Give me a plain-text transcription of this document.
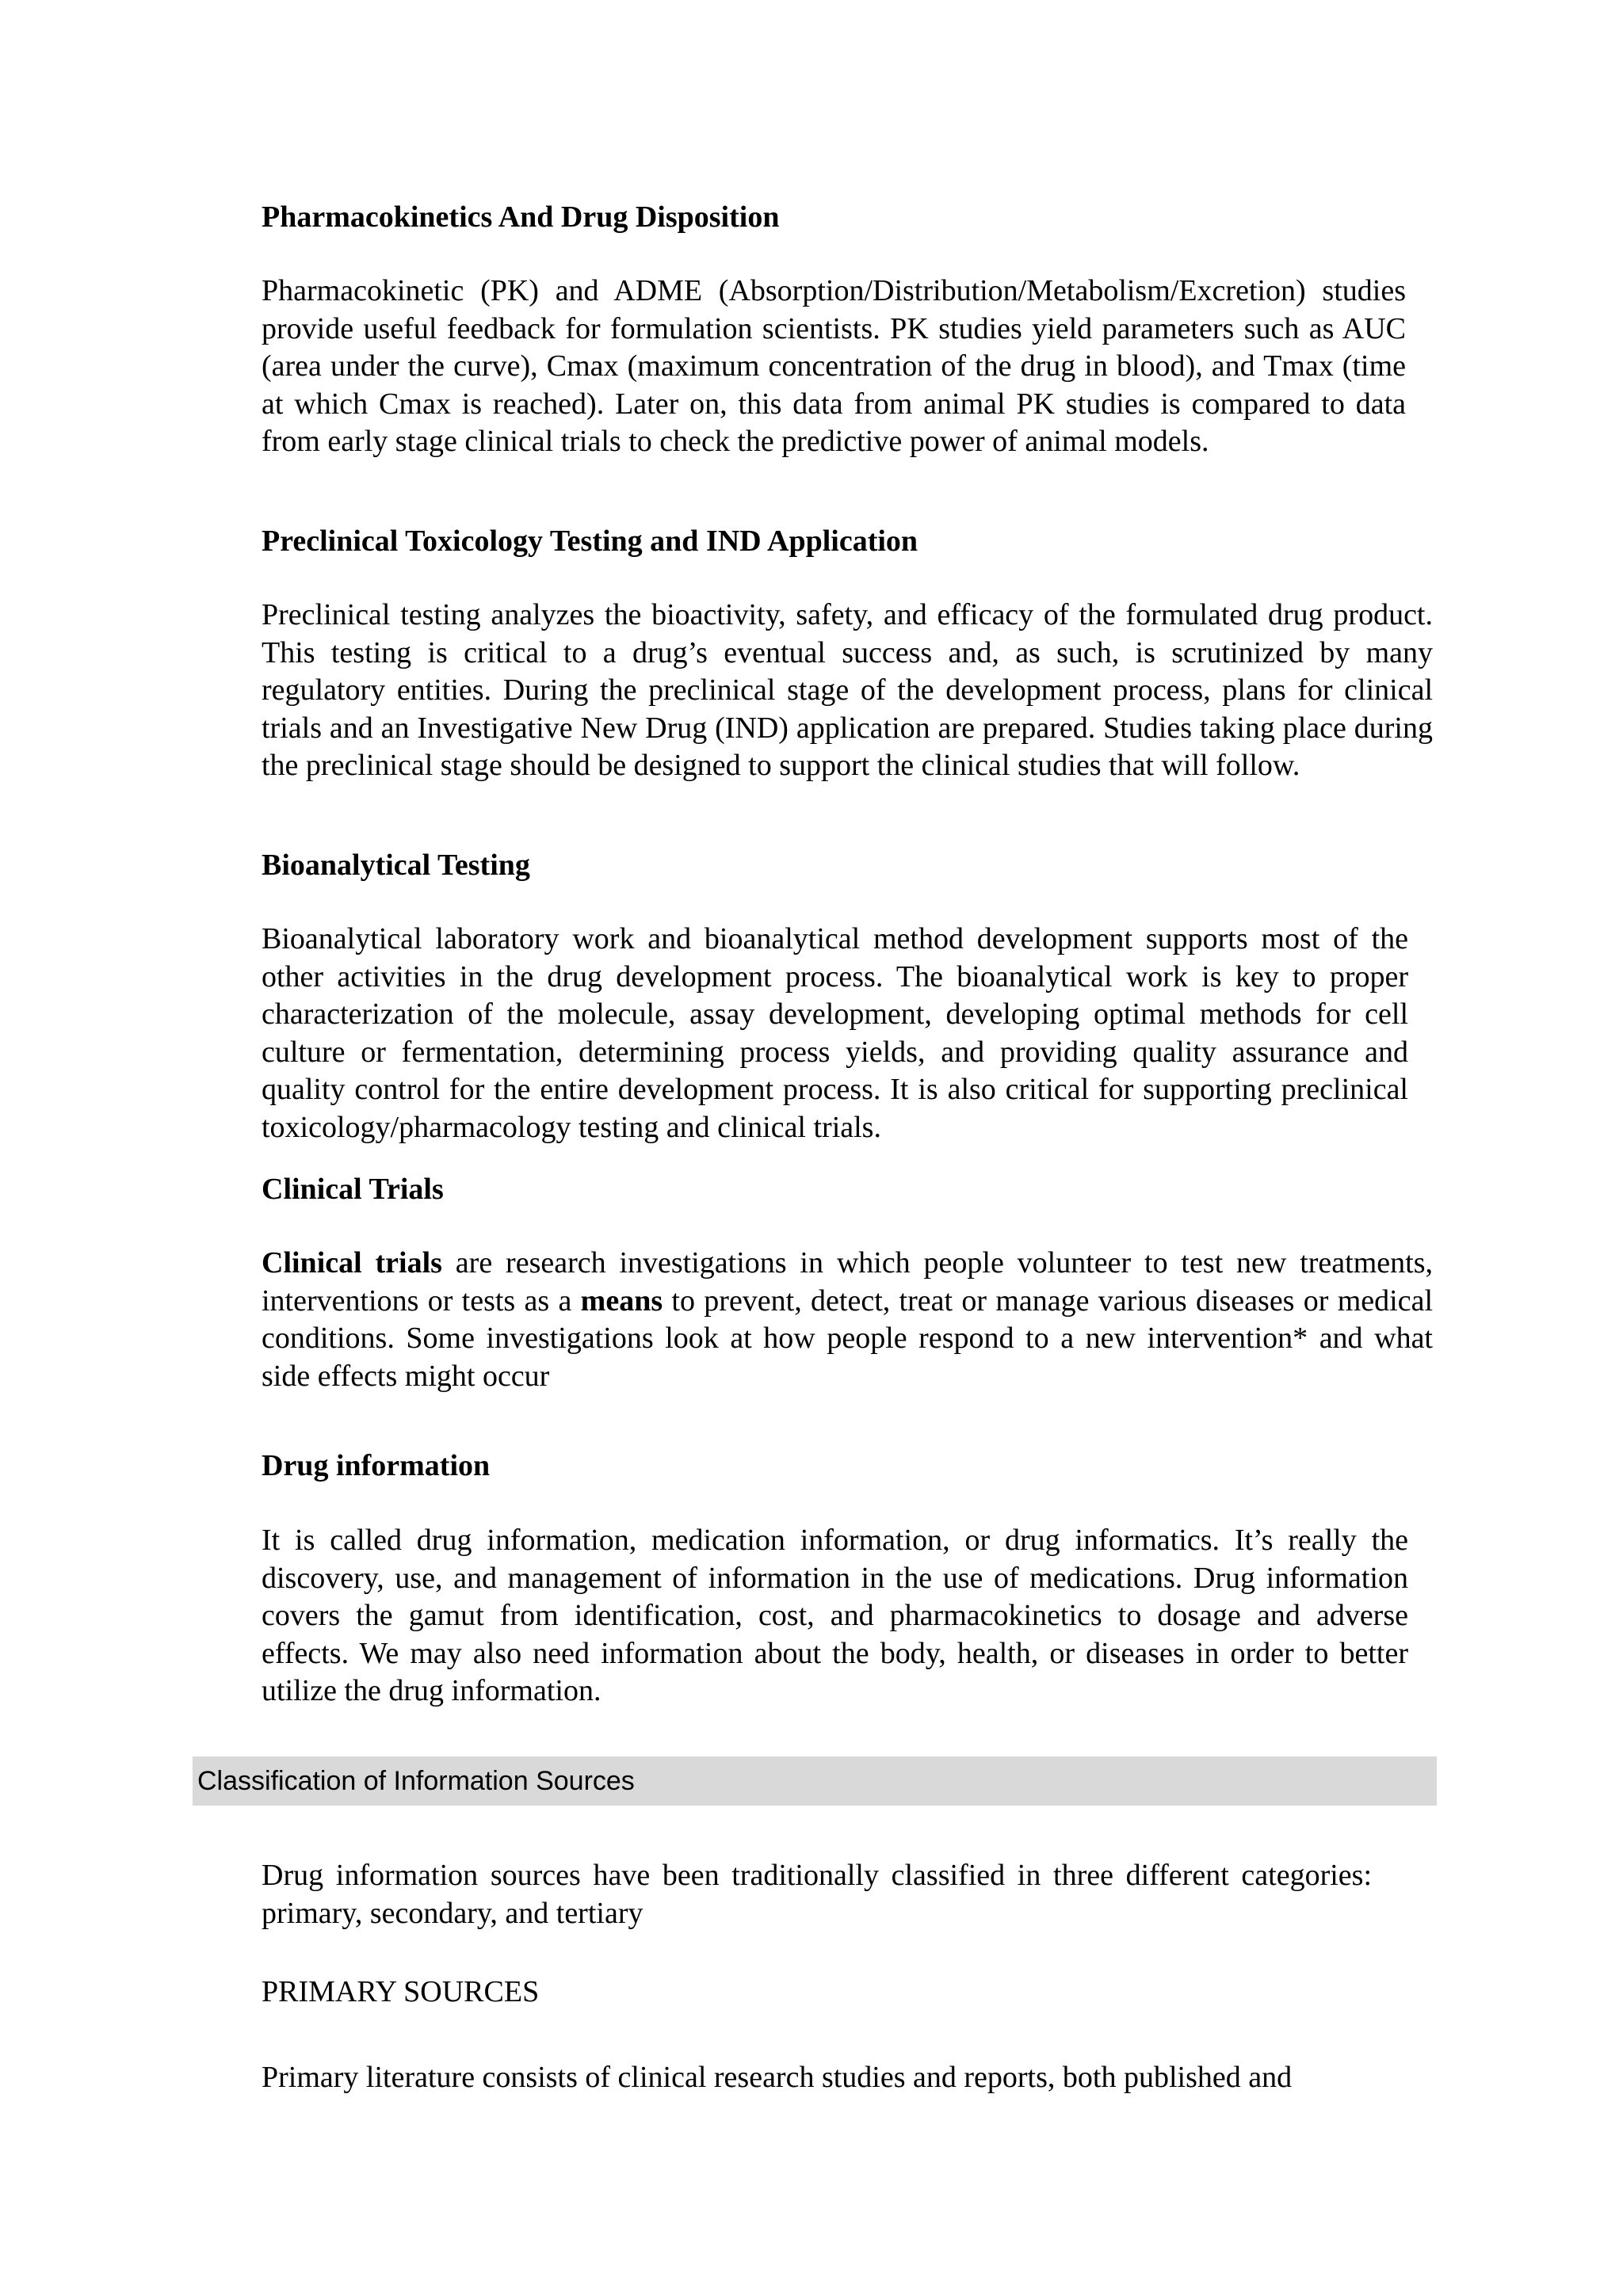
Pharmacokinetics And Drug Disposition

Pharmacokinetic (PK) and ADME (Absorption/Distribution/Metabolism/Excretion) studies provide useful feedback for formulation scientists. PK studies yield parameters such as AUC (area under the curve), Cmax (maximum concentration of the drug in blood), and Tmax (time at which Cmax is reached). Later on, this data from animal PK studies is compared to data from early stage clinical trials to check the predictive power of animal models.

Preclinical Toxicology Testing and IND Application

Preclinical testing analyzes the bioactivity, safety, and efficacy of the formulated drug product. This testing is critical to a drug’s eventual success and, as such, is scrutinized by many regulatory entities. During the preclinical stage of the development process, plans for clinical trials and an Investigative New Drug (IND) application are prepared. Studies taking place during the preclinical stage should be designed to support the clinical studies that will follow.

Bioanalytical Testing

Bioanalytical laboratory work and bioanalytical method development supports most of the other activities in the drug development process. The bioanalytical work is key to proper characterization of the molecule, assay development, developing optimal methods for cell culture or fermentation, determining process yields, and providing quality assurance and quality control for the entire development process. It is also critical for supporting preclinical toxicology/pharmacology testing and clinical trials.

Clinical Trials

Clinical trials are research investigations in which people volunteer to test new treatments, interventions or tests as a means to prevent, detect, treat or manage various diseases or medical conditions. Some investigations look at how people respond to a new intervention* and what side effects might occur

Drug information

It is called drug information, medication information, or drug informatics. It’s really the discovery, use, and management of information in the use of medications. Drug information covers the gamut from identification, cost, and pharmacokinetics to dosage and adverse effects. We may also need information about the body, health, or diseases in order to better utilize the drug information.

Classification of Information Sources

Drug information sources have been traditionally classified in three different categories: primary, secondary, and tertiary

PRIMARY SOURCES

Primary literature consists of clinical research studies and reports, both published and
